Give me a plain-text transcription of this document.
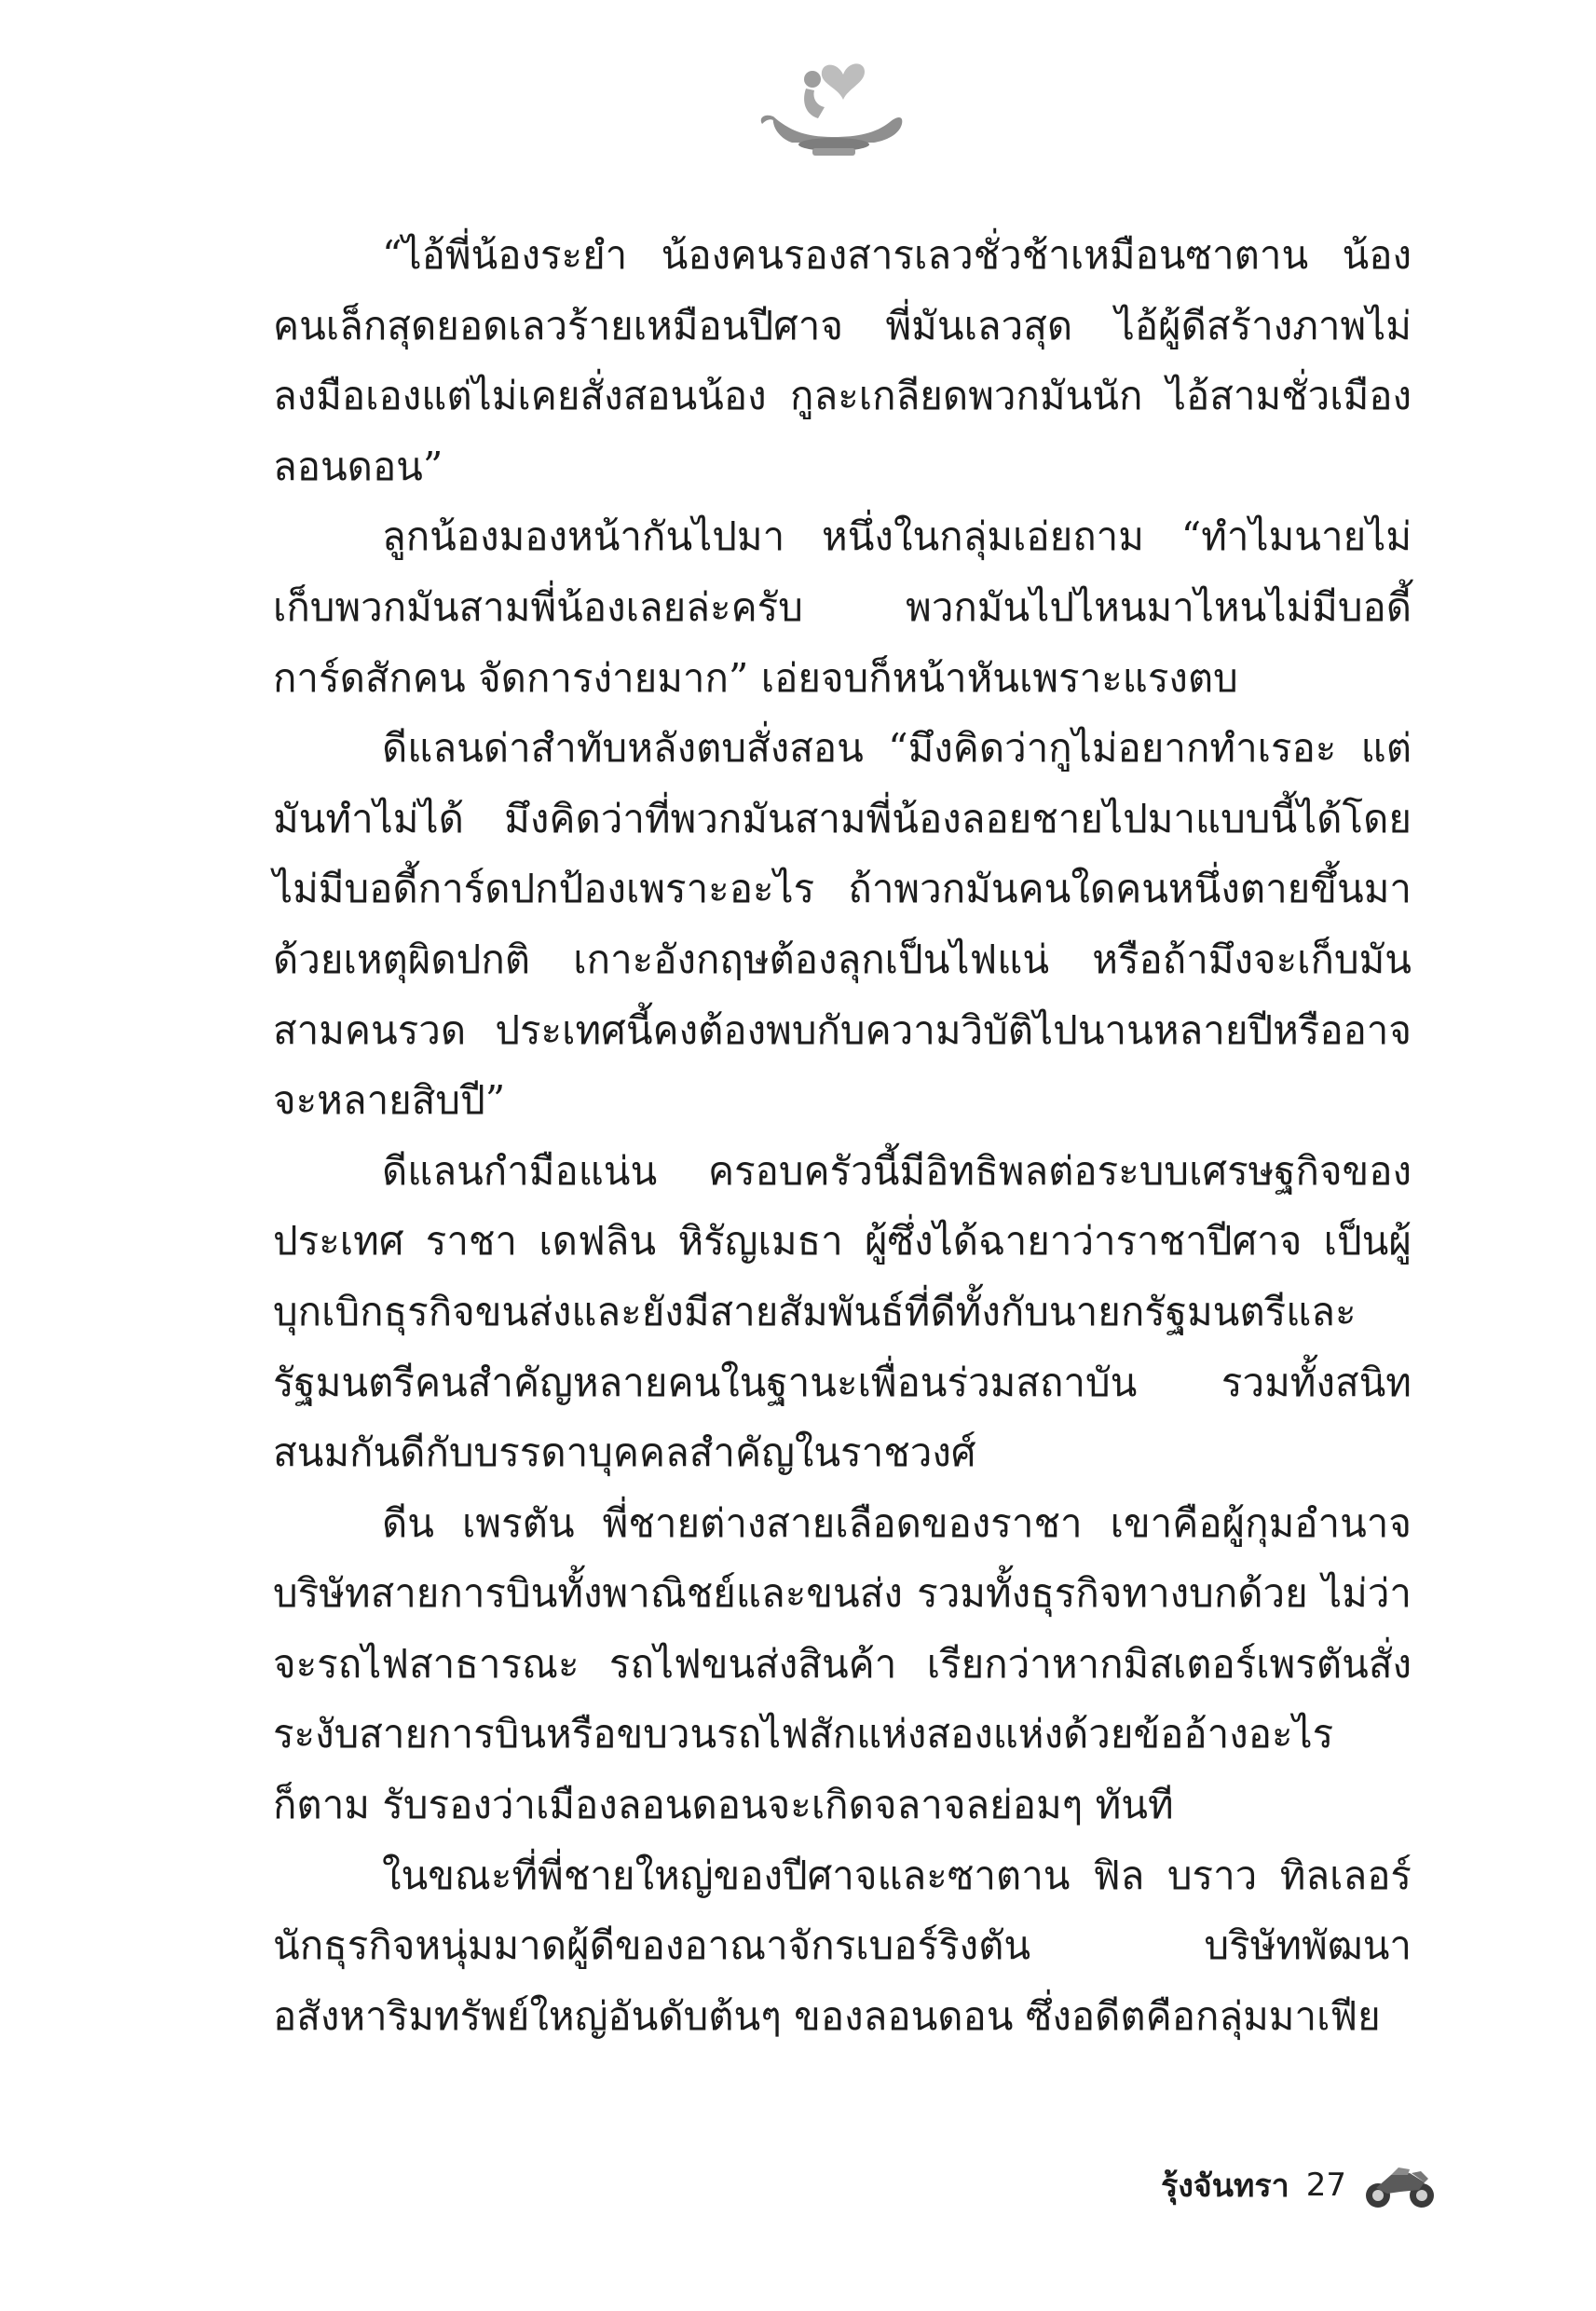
“ไอ้พี่น้องระยำ น้องคนรองสารเลวชั่วช้าเหมือนซาตาน น้องคนเล็กสุดยอดเลวร้ายเหมือนปีศาจ พี่มันเลวสุด ไอ้ผู้ดีสร้างภาพไม่ลงมือเองแต่ไม่เคยสั่งสอนน้อง กูละเกลียดพวกมันนัก ไอ้สามชั่วเมืองลอนดอน”

ลูกน้องมองหน้ากันไปมา หนึ่งในกลุ่มเอ่ยถาม “ทำไมนายไม่เก็บพวกมันสามพี่น้องเลยล่ะครับ พวกมันไปไหนมาไหนไม่มีบอดี้การ์ดสักคน จัดการง่ายมาก” เอ่ยจบก็หน้าหันเพราะแรงตบ

ดีแลนด่าสำทับหลังตบสั่งสอน “มึงคิดว่ากูไม่อยากทำเรอะ แต่มันทำไม่ได้ มึงคิดว่าที่พวกมันสามพี่น้องลอยชายไปมาแบบนี้ได้โดยไม่มีบอดี้การ์ดปกป้องเพราะอะไร ถ้าพวกมันคนใดคนหนึ่งตายขึ้นมาด้วยเหตุผิดปกติ เกาะอังกฤษต้องลุกเป็นไฟแน่ หรือถ้ามึงจะเก็บมันสามคนรวด ประเทศนี้คงต้องพบกับความวิบัติไปนานหลายปีหรืออาจจะหลายสิบปี”

ดีแลนกำมือแน่น ครอบครัวนี้มีอิทธิพลต่อระบบเศรษฐกิจของประเทศ ราชา เดฟลิน หิรัญเมธา ผู้ซึ่งได้ฉายาว่าราชาปีศาจ เป็นผู้บุกเบิกธุรกิจขนส่งและยังมีสายสัมพันธ์ที่ดีทั้งกับนายกรัฐมนตรีและรัฐมนตรีคนสำคัญหลายคนในฐานะเพื่อนร่วมสถาบัน รวมทั้งสนิทสนมกันดีกับบรรดาบุคคลสำคัญในราชวงศ์

ดีน เพรตัน พี่ชายต่างสายเลือดของราชา เขาคือผู้กุมอำนาจบริษัทสายการบินทั้งพาณิชย์และขนส่ง รวมทั้งธุรกิจทางบกด้วย ไม่ว่าจะรถไฟสาธารณะ รถไฟขนส่งสินค้า เรียกว่าหากมิสเตอร์เพรตันสั่งระงับสายการบินหรือขบวนรถไฟสักแห่งสองแห่งด้วยข้ออ้างอะไรก็ตาม รับรองว่าเมืองลอนดอนจะเกิดจลาจลย่อมๆ ทันที

ในขณะที่พี่ชายใหญ่ของปีศาจและซาตาน ฟิล บราว ทิลเลอร์ นักธุรกิจหนุ่มมาดผู้ดีของอาณาจักรเบอร์ริงตัน บริษัทพัฒนาอสังหาริมทรัพย์ใหญ่อันดับต้นๆ ของลอนดอน ซึ่งอดีตคือกลุ่มมาเฟีย

รุ้งจันทรา 27
